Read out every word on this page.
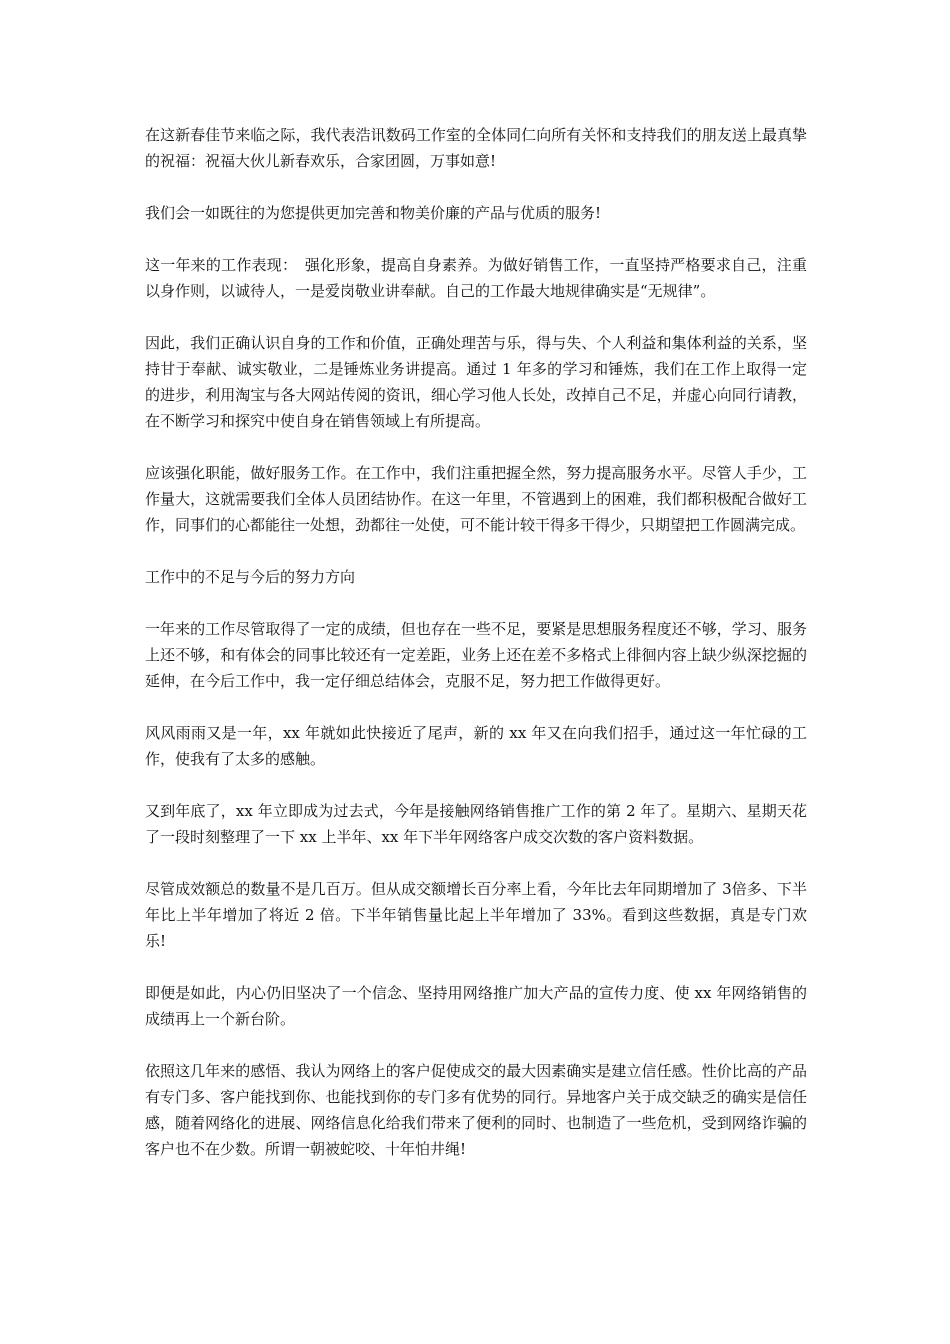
在这新春佳节来临之际，我代表浩讯数码工作室的全体同仁向所有关怀和支持我们的朋友送上最真挚的祝福：祝福大伙儿新春欢乐，合家团圆，万事如意!

我们会一如既往的为您提供更加完善和物美价廉的产品与优质的服务!

这一年来的工作表现：　强化形象，提高自身素养。为做好销售工作，一直坚持严格要求自己，注重以身作则，以诚待人，一是爱岗敬业讲奉献。自己的工作最大地规律确实是“无规律”。

因此，我们正确认识自身的工作和价值，正确处理苦与乐，得与失、个人利益和集体利益的关系，坚持甘于奉献、诚实敬业，二是锤炼业务讲提高。通过 1 年多的学习和锤炼，我们在工作上取得一定的进步，利用淘宝与各大网站传阅的资讯，细心学习他人长处，改掉自己不足，并虚心向同行请教，在不断学习和探究中使自身在销售领域上有所提高。

应该强化职能，做好服务工作。在工作中，我们注重把握全然，努力提高服务水平。尽管人手少，工作量大，这就需要我们全体人员团结协作。在这一年里，不管遇到上的困难，我们都积极配合做好工作，同事们的心都能往一处想，劲都往一处使，可不能计较干得多干得少，只期望把工作圆满完成。

工作中的不足与今后的努力方向

一年来的工作尽管取得了一定的成绩，但也存在一些不足，要紧是思想服务程度还不够，学习、服务上还不够，和有体会的同事比较还有一定差距，业务上还在差不多格式上徘徊内容上缺少纵深挖掘的延伸，在今后工作中，我一定仔细总结体会，克服不足，努力把工作做得更好。

风风雨雨又是一年，xx 年就如此快接近了尾声，新的 xx 年又在向我们招手，通过这一年忙碌的工作，使我有了太多的感触。

又到年底了，xx 年立即成为过去式，今年是接触网络销售推广工作的第 2 年了。星期六、星期天花了一段时刻整理了一下 xx 上半年、xx 年下半年网络客户成交次数的客户资料数据。

尽管成效额总的数量不是几百万。但从成交额增长百分率上看，今年比去年同期增加了 3倍多、下半年比上半年增加了将近 2 倍。下半年销售量比起上半年增加了 33%。看到这些数据，真是专门欢乐!

即便是如此，内心仍旧坚决了一个信念、坚持用网络推广加大产品的宣传力度、使 xx 年网络销售的成绩再上一个新台阶。

依照这几年来的感悟、我认为网络上的客户促使成交的最大因素确实是建立信任感。性价比高的产品有专门多、客户能找到你、也能找到你的专门多有优势的同行。异地客户关于成交缺乏的确实是信任感，随着网络化的进展、网络信息化给我们带来了便利的同时、也制造了一些危机，受到网络诈骗的客户也不在少数。所谓一朝被蛇咬、十年怕井绳!
